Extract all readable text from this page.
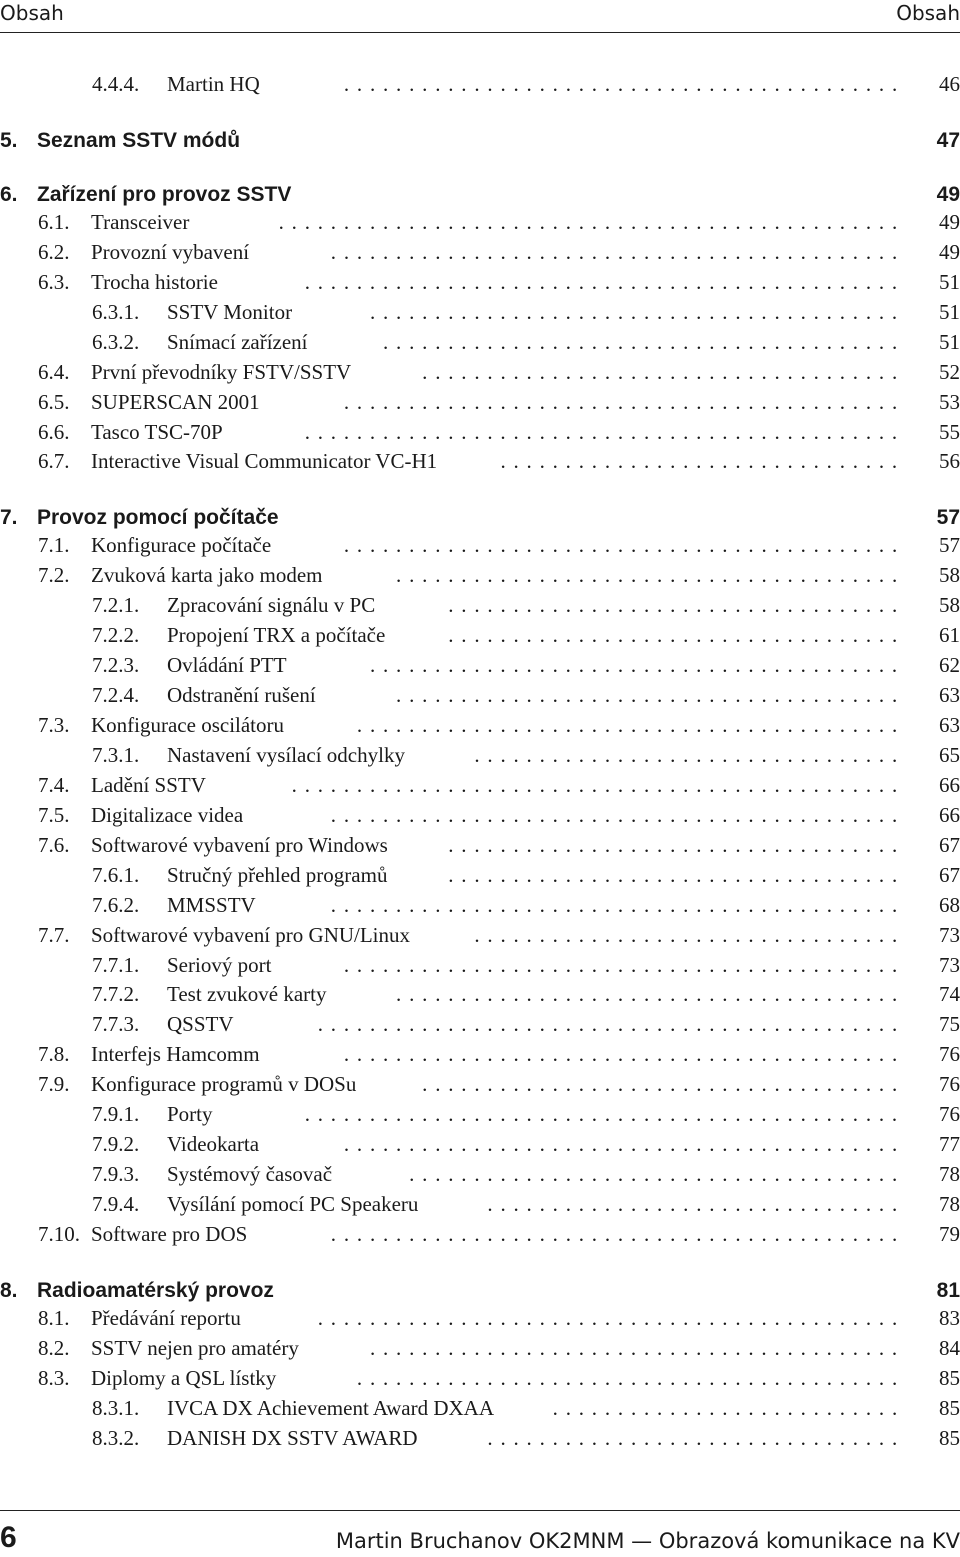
Obsah	Obsah
4.4.4. Martin HQ	........................................... 46
5. Seznam SSTV módů	47
6. Zařízení pro provoz SSTV	49
6.1. Transceiver	................................................ 49
6.2. Provozní vybavení	............................................ 49
6.3. Trocha historie	.............................................. 51
6.3.1. SSTV Monitor	......................................... 51
6.3.2. Snímací zařízení	........................................ 51
6.4. První převodníky FSTV/SSTV	..................................... 52
6.5. SUPERSCAN 2001	........................................... 53
6.6. Tasco TSC-70P	.............................................. 55
6.7. Interactive Visual Communicator VC-H1	............................... 56
7. Provoz pomocí počítače	57
7.1. Konfigurace počítače	........................................... 57
7.2. Zvuková karta jako modem	....................................... 58
7.2.1. Zpracování signálu v PC	................................... 58
7.2.2. Propojení TRX a počítače	................................... 61
7.2.3. Ovládání PTT	......................................... 62
7.2.4. Odstranění rušení	....................................... 63
7.3. Konfigurace oscilátoru	.......................................... 63
7.3.1. Nastavení vysílací odchylky	................................. 65
7.4. Ladění SSTV	............................................... 66
7.5. Digitalizace videa	............................................ 66
7.6. Softwarové vybavení pro Windows	................................... 67
7.6.1. Stručný přehled programů	................................... 67
7.6.2. MMSSTV	............................................ 68
7.7. Softwarové vybavení pro GNU/Linux	................................. 73
7.7.1. Seriový port	........................................... 73
7.7.2. Test zvukové karty	....................................... 74
7.7.3. QSSTV	............................................. 75
7.8. Interfejs Hamcomm	........................................... 76
7.9. Konfigurace programů v DOSu	..................................... 76
7.9.1. Porty	.............................................. 76
7.9.2. Videokarta	........................................... 77
7.9.3. Systémový časovač	...................................... 78
7.9.4. Vysílání pomocí PC Speakeru	................................ 78
7.10. Software pro DOS	............................................ 79
8. Radioamatérský provoz	81
8.1. Předávání reportu	............................................. 83
8.2. SSTV nejen pro amatéry	......................................... 84
8.3. Diplomy a QSL lístky	.......................................... 85
8.3.1. IVCA DX Achievement Award DXAA	........................... 85
8.3.2. DANISH DX SSTV AWARD	................................ 85
6	Martin Bruchanov OK2MNM — Obrazová komunikace na KV
